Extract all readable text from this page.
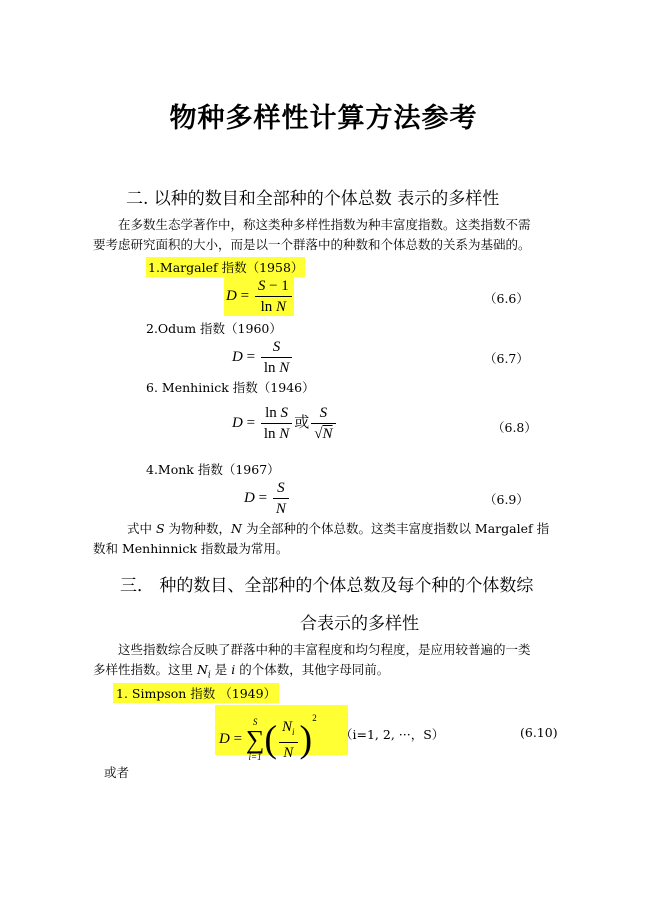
物种多样性计算方法参考
二. 以种的数目和全部种的个体总数 表示的多样性
在多数生态学著作中，称这类种多样性指数为种丰富度指数。这类指数不需
要考虑研究面积的大小，而是以一个群落中的种数和个体总数的关系为基础的。
1.Margalef 指数（1958）
$D = \frac{S - 1}{\text{ln N}}$	（6.6）
2.Odum 指数（1960）
$D = \frac{S}{\text{ln N}}$	（6.7）
6. Menhinick 指数（1946）
$D = \frac{\text{ln S}}{\text{ln N}}$ 或 $\frac{S}{√N}$	（6.8）
4.Monk 指数（1967）
$D = \frac{S}{N}$	（6.9）
式中 S 为物种数，N 为全部种的个体总数。这类丰富度指数以 Margalef 指
数和 Menhinnick 指数最为常用。
三． 种的数目、全部种的个体总数及每个种的个体数综
合表示的多样性
这些指数综合反映了群落中种的丰富程度和均匀程度，是应用较普遍的一类
多样性指数。这里 $N_i$ 是 i 的个体数，其他字母同前。
1. Simpson 指数 （1949）
D =
S
∑
i=1 ( $\frac{N_i}{N} )^2$
（i=1, 2, ···，S）	(6.10)
或者
